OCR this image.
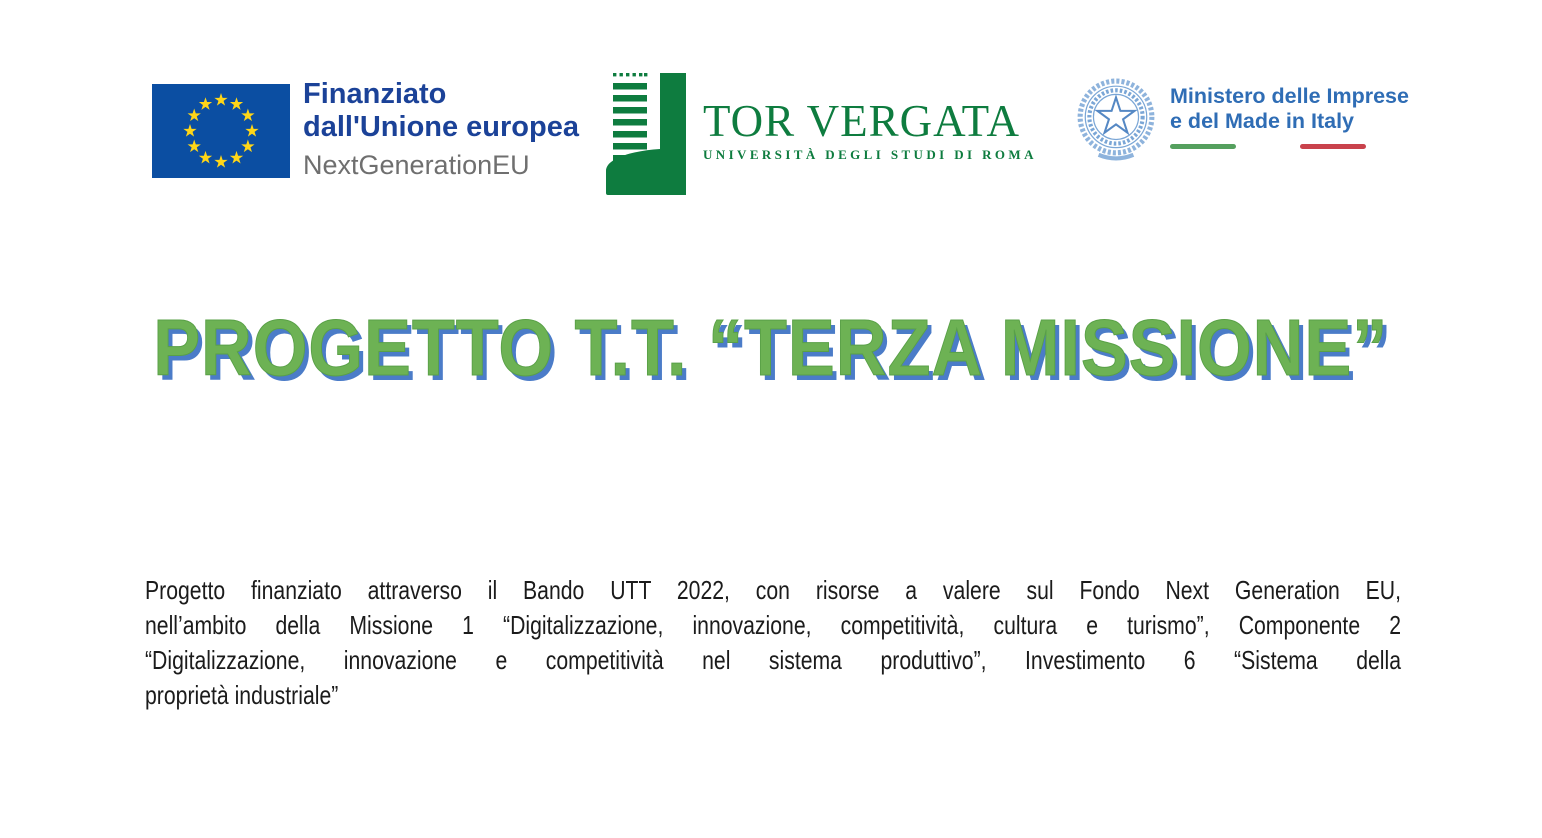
Finanziato
dall'Unione europea
NextGenerationEU
TOR VERGATA
UNIVERSITÀ DEGLI STUDI DI ROMA
Ministero delle Imprese
e del Made in Italy
PROGETTO T.T. “TERZA MISSIONE”
Progetto finanziato attraverso il Bando UTT 2022, con risorse a valere sul Fondo Next Generation EU,
nell’ambito della Missione 1 “Digitalizzazione, innovazione, competitività, cultura e turismo”, Componente 2
“Digitalizzazione, innovazione e competitività nel sistema produttivo”, Investimento 6 “Sistema della
proprietà industriale”
